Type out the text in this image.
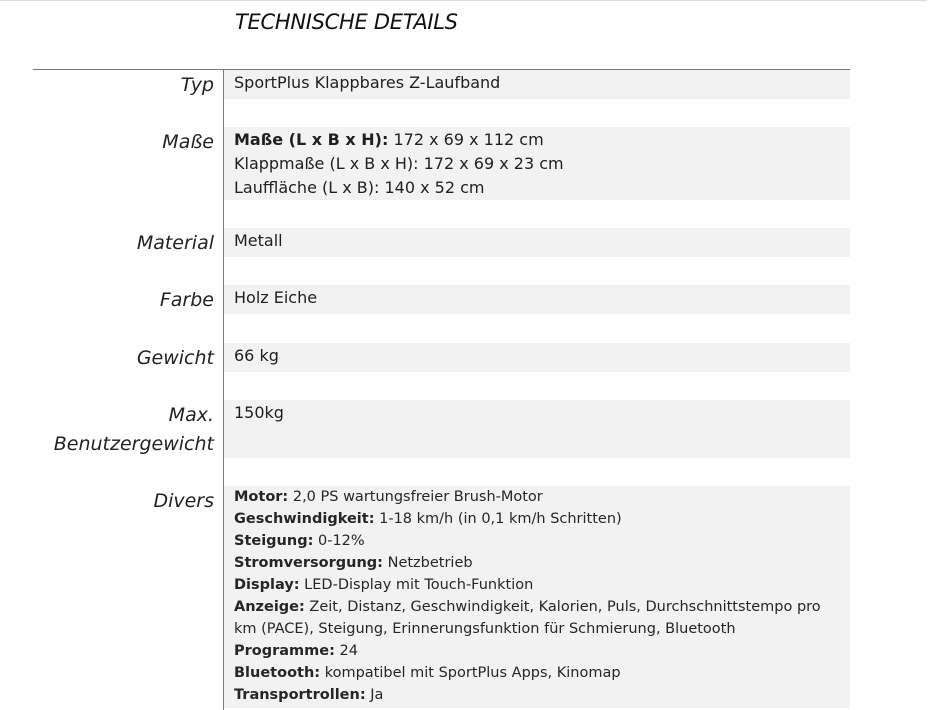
TECHNISCHE DETAILS
Typ SportPlus Klappbares Z-Laufband
Maße Maße (L x B x H): 172 x 69 x 112 cm
Klappmaße (L x B x H): 172 x 69 x 23 cm
Lauffläche (L x B): 140 x 52 cm
Material Metall
Farbe Holz Eiche
Gewicht 66 kg
Max.
Benutzergewicht
150kg
Divers Motor: 2,0 PS wartungsfreier Brush-Motor
Geschwindigkeit: 1-18 km/h (in 0,1 km/h Schritten)
Steigung: 0-12%
Stromversorgung: Netzbetrieb
Display: LED-Display mit Touch-Funktion
Anzeige: Zeit, Distanz, Geschwindigkeit, Kalorien, Puls, Durchschnittstempo pro km (PACE), Steigung, Erinnerungsfunktion für Schmierung, Bluetooth
Programme: 24
Bluetooth: kompatibel mit SportPlus Apps, Kinomap
Transportrollen: Ja
